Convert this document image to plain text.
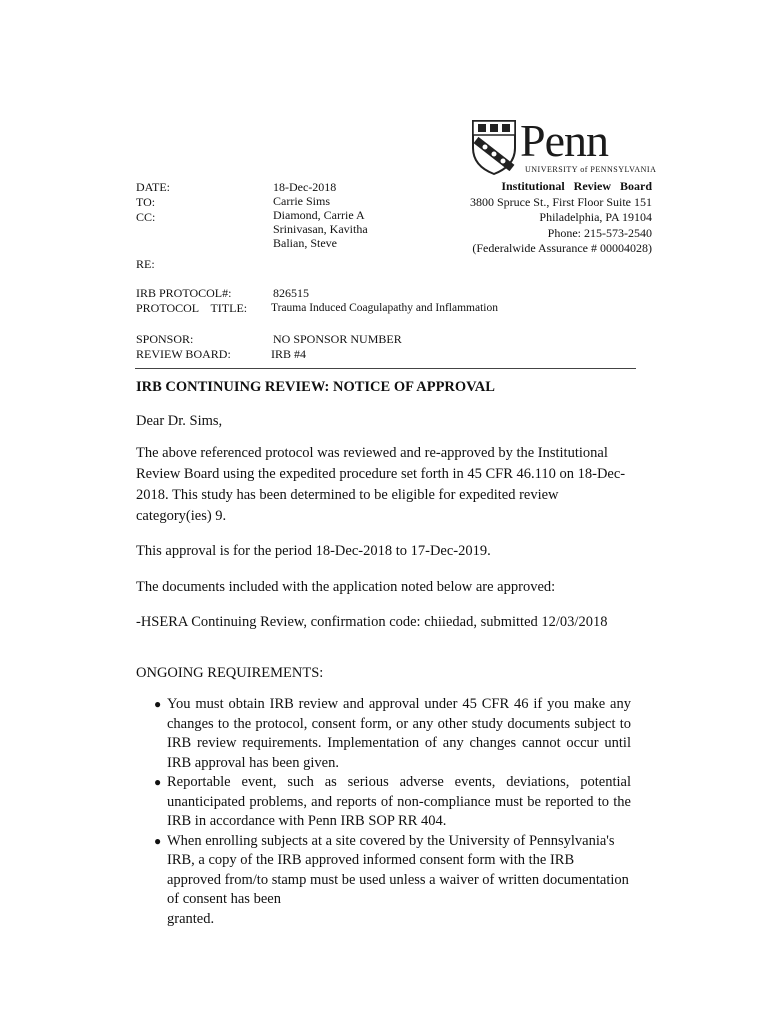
Penn
UNIVERSITY of PENNSYLVANIA
Institutional Review Board
3800 Spruce St., First Floor Suite 151
Philadelphia, PA 19104
Phone: 215-573-2540
(Federalwide Assurance # 00004028)
DATE:	18-Dec-2018
TO:	Carrie Sims
CC:	Diamond, Carrie A
Srinivasan, Kavitha
Balian, Steve
RE:
IRB PROTOCOL#:	826515
PROTOCOL    TITLE: Trauma Induced Coagulapathy and Inflammation
SPONSOR:	NO SPONSOR NUMBER
REVIEW BOARD:	IRB #4
IRB CONTINUING REVIEW: NOTICE OF APPROVAL
Dear Dr. Sims,
The above referenced protocol was reviewed and re-approved by the Institutional Review Board using the expedited procedure set forth in 45 CFR 46.110 on 18-Dec-2018. This study has been determined to be eligible for expedited review category(ies) 9.
This approval is for the period 18-Dec-2018 to 17-Dec-2019.
The documents included with the application noted below are approved:
-HSERA Continuing Review, confirmation code: chiiedad, submitted 12/03/2018
ONGOING REQUIREMENTS:
● You must obtain IRB review and approval under 45 CFR 46 if you make any changes to the protocol, consent form, or any other study documents subject to IRB review requirements. Implementation of any changes cannot occur until IRB approval has been given.
● Reportable event, such as serious adverse events, deviations, potential unanticipated problems, and reports of non-compliance must be reported to the IRB in accordance with Penn IRB SOP RR 404.
● When enrolling subjects at a site covered by the University of Pennsylvania's IRB, a copy of the IRB approved informed consent form with the IRB approved from/to stamp must be used unless a waiver of written documentation of consent has been
granted.
